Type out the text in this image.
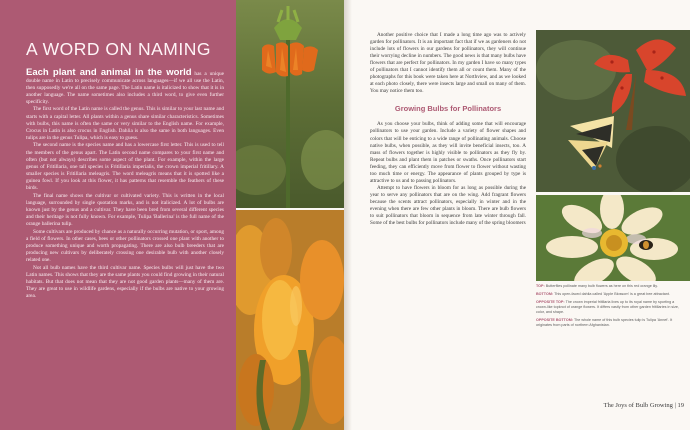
A WORD ON NAMING

Each plant and animal in the world has a unique double name in Latin to precisely communicate across languages—if we all use the Latin, then supposedly we're all on the same page. The Latin name is italicized to show that it is in another language. The name sometimes also includes a third word, to give even further specificity.

The first word of the Latin name is called the genus. This is similar to your last name and starts with a capital letter. All plants within a genus share similar characteristics. Sometimes with bulbs, this name is often the same or very similar to the English name. For example, Crocus in Latin is also crocus in English. Dahlia is also the same in both languages. Even tulips are in the genus Tulipa, which is easy to guess.

The second name is the species name and has a lowercase first letter. This is used to tell the members of the genus apart. The Latin second name compares to your first name and often (but not always) describes some aspect of the plant. For example, within the large genus of Fritillaria, one tall species is Fritillaria imperialis, the crown imperial fritillary. A smaller species is Fritillaria meleagris. The word meleagris means that it is spotted like a guinea fowl. If you look at this flower, it has patterns that resemble the feathers of these birds.

The final name shows the cultivar or cultivated variety. This is written in the local language, surrounded by single quotation marks, and is not italicized. A lot of bulbs are known just by the genus and a cultivar. They have been bred from several different species and their heritage is not fully known. For example, Tulipa 'Ballerina' is the full name of the orange ballerina tulip.

Some cultivars are produced by chance as a naturally occurring mutation, or sport, among a field of flowers. In other cases, bees or other pollinators crossed one plant with another to produce something unique and worth propagating. There are also bulb breeders that are producing new cultivars by deliberately crossing one desirable bulb with another closely related one.

Not all bulb names have the third cultivar name. Species bulbs will just have the two Latin names. This shows that they are the same plants you could find growing in their natural habitats. But that does not mean that they are not good garden plants—many of them are. They are great to use in wildlife gardens, especially if the bulbs are native to your growing area.

Another positive choice that I made a long time ago was to actively garden for pollinators. It is an important fact that if we as gardeners do not include lots of flowers in our gardens for pollinators, they will continue their worrying decline in numbers. The good news is that many bulbs have flowers that are perfect for pollinators. In my garden I have so many types of pollinators that I cannot identify them all or count them. Many of the photographs for this book were taken here at Northview, and as we looked at each photo closely, there were insects large and small on many of them. You may notice them too.

Growing Bulbs for Pollinators

As you choose your bulbs, think of adding some that will encourage pollinators to use your garden. Include a variety of flower shapes and colors that will be enticing to a wide range of pollinating animals. Choose native bulbs, when possible, as they will invite beneficial insects, too. A mass of flowers together is highly visible to pollinators as they fly by. Repeat bulbs and plant them in patches or swaths. Once pollinators start feeding, they can efficiently move from flower to flower without wasting too much time or energy. The appearance of plants grouped by type is attractive to us and to passing pollinators.

Attempt to have flowers in bloom for as long as possible during the year to serve any pollinators that are on the wing. Add fragrant flowers because the scents attract pollinators, especially in winter and in the evening when there are few other plants in bloom. There are bulb flowers to suit pollinators that bloom in sequence from late winter through fall. Some of the best bulbs for pollinators include many of the spring bloomers

TOP: Butterflies pollinate many bulb flowers as here on this red orange lily.

BOTTOM: This open-faced dahlia called 'Apple Blossom' is a great bee attractant.

OPPOSITE TOP: The crown imperial fritillaria lives up to its royal name by sporting a crown-like topknot of orange flowers. It differs vastly from other garden fritillaries in size, color, and shape.

OPPOSITE BOTTOM: The whole name of this bulb species tulip is Tulipa 'Annet'. It originates from parts of northern Afghanistan.

The Joys of Bulb Growing | 19
